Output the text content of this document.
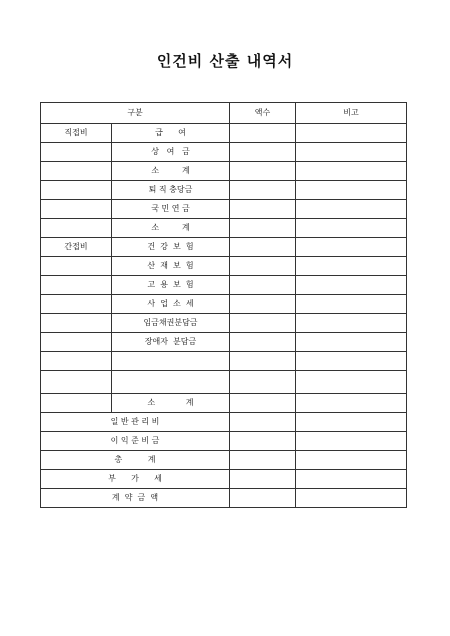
인건비 산출 내역서
구분		액수	비고
직접비	급      여		
	상   여   금		
	소         계		
	퇴 직 충당금		
	국 민 연 금		
	소         계		
간접비	건  강  보  험		
	산  재  보  험		
	고  용  보  험		
	사  업  소  세		
	임금채권분담금		
	장애자  분담금		

	소            계		
일 반 관 리 비			
이 익 준 비 금			
총          계			
부      가      세			
계  약  금  액			
